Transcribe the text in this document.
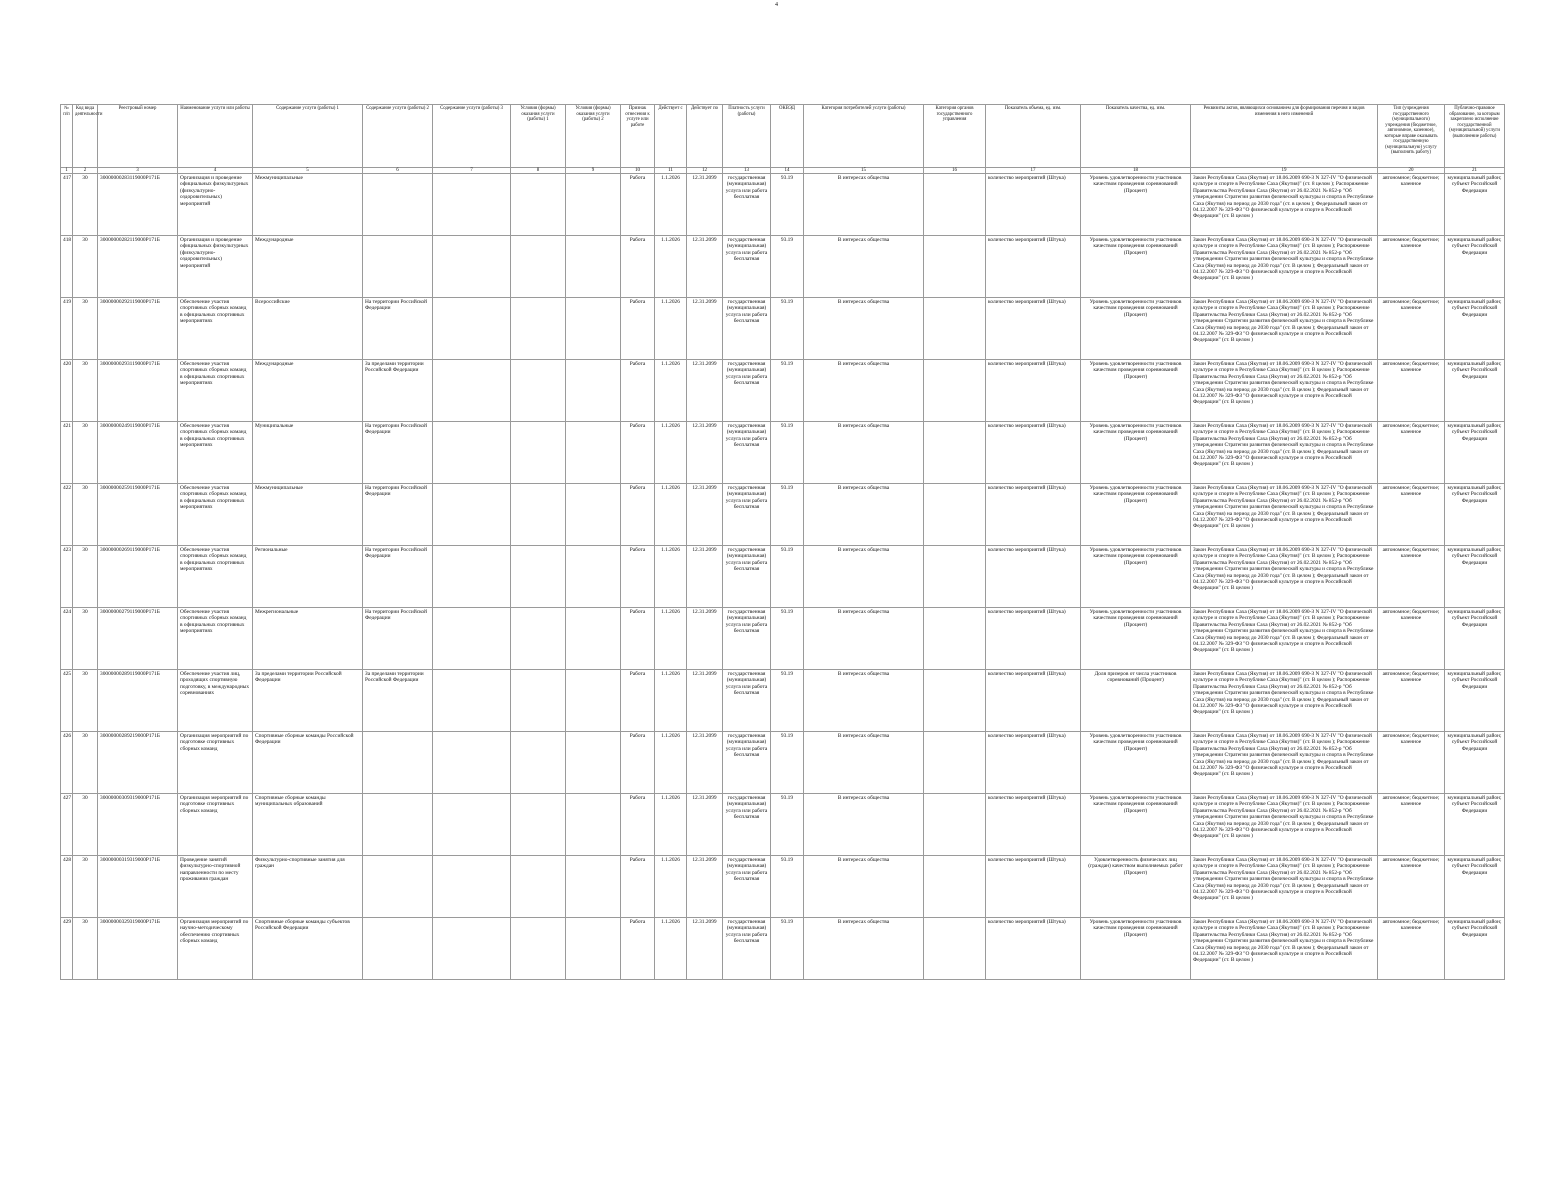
4
№ п/п	Код вида деятельности	Реестровый номер	Наименование услуги или работы	Содержание услуги (работы) 1	Содержание услуги (работы) 2	Содержание услуги (работы) 3	Условия (формы) оказания услуги (работы) 1	Условия (формы) оказания услуги (работы) 2	Признак отнесения к услуге или работе	Действует с	Действует по	Платность услуги (работы)	ОКВЭД	Категория потребителей услуги (работы)	Категория органов государственного управления	Показатель объема, ед. изм.	Показатель качества, ед. изм.	Реквизиты актов, являющихся основанием для формирования перечня и видов изменения в него изменений	Тип (учреждения государственного (муниципального) учреждения (бюджетное, автономное, казенное), которые вправе оказывать государственную (муниципальную) услугу (выполнять работу)	Публично-правовое образование, за которым закреплено исполнение государственной (муниципальной) услуги (выполнение работы)
1	2	3	4	5	6	7	8	9	10	11	12	13	14	15	16	17	18	19	20	21
417	30	30000000283119000P171Б	Организация и проведение официальных физкультурных (физкультурно-оздоровительных) мероприятий	Межмуниципальные					Работа	1.1.2026	12.31.2099	государственная (муниципальная) услуга или работа бесплатная	93.19	В интересах общества		количество мероприятий (Штука)	Уровень удовлетворенности участников качеством проведения соревнований (Процент)	Закон Республики Саха (Якутия) от 18.06.2009 690-З N 327-IV "О физической культуре и спорте в Республике Саха (Якутия)" (ст. 8 целом ); Распоряжение Правительства Республики Саха (Якутия) от 26.02.2021 № 852-р "Об утверждении Стратегии развития физической культуры и спорта в Республике Саха (Якутия) на период до 2030 года" (ст. в целом ); Федеральный закон от 04.12.2007 № 329-ФЗ "О физической культуре и спорте в Российской Федерации" (ст. В целом )	автономное; бюджетное; казенное	муниципальный район; субъект Российской Федерации
418	30	30000000282119000P171Б	Организация и проведение официальных физкультурных (физкультурно-оздоровительных) мероприятий	Международные					Работа	1.1.2026	12.31.2099	государственная (муниципальная) услуга или работа бесплатная	93.19	В интересах общества		количество мероприятий (Штука)	Уровень удовлетворенности участников качеством проведения соревнований (Процент)	Закон Республики Саха (Якутия) от 18.06.2009 690-З N 327-IV "О физической культуре и спорте в Республике Саха (Якутия)" (ст. В целом ); Распоряжение Правительства Республики Саха (Якутия) от 26.02.2021 № 852-р "Об утверждении Стратегии развития физической культуры и спорта в Республике Саха (Якутия) на период до 2030 года" (ст. В целом ); Федеральный закон от 04.12.2007 № 329-ФЗ "О физической культуре и спорте в Российской Федерации" (ст. В целом )	автономное; бюджетное; казенное	муниципальный район; субъект Российской Федерации
419	30	30000000292119000P171Б	Обеспечение участия спортивных сборных команд в официальных спортивных мероприятиях	Всероссийские	На территории Российской Федерации				Работа	1.1.2026	12.31.2099	государственная (муниципальная) услуга или работа бесплатная	93.19	В интересах общества		количество мероприятий (Штука)	Уровень удовлетворенности участников качеством проведения соревнований (Процент)	Закон Республики Саха (Якутия) от 18.06.2009 690-З N 327-IV "О физической культуре и спорте в Республике Саха (Якутия)" (ст. В целом ); Распоряжение Правительства Республики Саха (Якутия) от 26.02.2021 № 852-р "Об утверждении Стратегии развития физической культуры и спорта в Республике Саха (Якутия) на период до 2030 года" (ст. В целом ); Федеральный закон от 04.12.2007 № 329-ФЗ "О физической культуре и спорте в Российской Федерации" (ст. В целом )	автономное; бюджетное; казенное	муниципальный район; субъект Российской Федерации
420	30	30000000293119000P171Б	Обеспечение участия спортивных сборных команд в официальных спортивных мероприятиях	Международные	За пределами территории Российской Федерации				Работа	1.1.2026	12.31.2099	государственная (муниципальная) услуга или работа бесплатная	93.19	В интересах общества		количество мероприятий (Штука)	Уровень удовлетворенности участников качеством проведения соревнований (Процент)	Закон Республики Саха (Якутия) от 18.06.2009 690-З N 327-IV "О физической культуре и спорте в Республике Саха (Якутия)" (ст. В целом ); Распоряжение Правительства Республики Саха (Якутия) от 26.02.2021 № 852-р "Об утверждении Стратегии развития физической культуры и спорта в Республике Саха (Якутия) на период до 2030 года" (ст. В целом ); Федеральный закон от 04.12.2007 № 329-ФЗ "О физической культуре и спорте в Российской Федерации" (ст. В целом )	автономное; бюджетное; казенное	муниципальный район; субъект Российской Федерации
421	30	30000000249119000P171Б	Обеспечение участия спортивных сборных команд в официальных спортивных мероприятиях	Муниципальные	На территории Российской Федерации				Работа	1.1.2026	12.31.2099	государственная (муниципальная) услуга или работа бесплатная	93.19	В интересах общества		количество мероприятий (Штука)	Уровень удовлетворенности участников качеством проведения соревнований (Процент)	Закон Республики Саха (Якутия) от 18.06.2009 690-З N 327-IV "О физической культуре и спорте в Республике Саха (Якутия)" (ст. В целом ); Распоряжение Правительства Республики Саха (Якутия) от 26.02.2021 № 852-р "Об утверждении Стратегии развития физической культуры и спорта в Республике Саха (Якутия) на период до 2030 года" (ст. В целом ); Федеральный закон от 04.12.2007 № 329-ФЗ "О физической культуре и спорте в Российской Федерации" (ст. В целом )	автономное; бюджетное; казенное	муниципальный район; субъект Российской Федерации
422	30	30000000259119000P171Б	Обеспечение участия спортивных сборных команд в официальных спортивных мероприятиях	Межмуниципальные	На территории Российской Федерации				Работа	1.1.2026	12.31.2099	государственная (муниципальная) услуга или работа бесплатная	93.19	В интересах общества		количество мероприятий (Штука)	Уровень удовлетворенности участников качеством проведения соревнований (Процент)	Закон Республики Саха (Якутия) от 18.06.2009 690-З N 327-IV "О физической культуре и спорте в Республике Саха (Якутия)" (ст. В целом ); Распоряжение Правительства Республики Саха (Якутия) от 26.02.2021 № 852-р "Об утверждении Стратегии развития физической культуры и спорта в Республике Саха (Якутия) на период до 2030 года" (ст. В целом ); Федеральный закон от 04.12.2007 № 329-ФЗ "О физической культуре и спорте в Российской Федерации" (ст. В целом )	автономное; бюджетное; казенное	муниципальный район; субъект Российской Федерации
423	30	30000000269119000P171Б	Обеспечение участия спортивных сборных команд в официальных спортивных мероприятиях	Региональные	На территории Российской Федерации				Работа	1.1.2026	12.31.2099	государственная (муниципальная) услуга или работа бесплатная	93.19	В интересах общества		количество мероприятий (Штука)	Уровень удовлетворенности участников качеством проведения соревнований (Процент)	Закон Республики Саха (Якутия) от 18.06.2009 690-З N 327-IV "О физической культуре и спорте в Республике Саха (Якутия)" (ст. В целом ); Распоряжение Правительства Республики Саха (Якутия) от 26.02.2021 № 852-р "Об утверждении Стратегии развития физической культуры и спорта в Республике Саха (Якутия) на период до 2030 года" (ст. В целом ); Федеральный закон от 04.12.2007 № 329-ФЗ "О физической культуре и спорте в Российской Федерации" (ст. В целом )	автономное; бюджетное; казенное	муниципальный район; субъект Российской Федерации
424	30	30000000279119000P171Б	Обеспечение участия спортивных сборных команд в официальных спортивных мероприятиях	Межрегиональные	На территории Российской Федерации				Работа	1.1.2026	12.31.2099	государственная (муниципальная) услуга или работа бесплатная	93.19	В интересах общества		количество мероприятий (Штука)	Уровень удовлетворенности участников качеством проведения соревнований (Процент)	Закон Республики Саха (Якутия) от 18.06.2009 690-З N 327-IV "О физической культуре и спорте в Республике Саха (Якутия)" (ст. В целом ); Распоряжение Правительства Республики Саха (Якутия) от 26.02.2021 № 852-р "Об утверждении Стратегии развития физической культуры и спорта в Республике Саха (Якутия) на период до 2030 года" (ст. В целом ); Федеральный закон от 04.12.2007 № 329-ФЗ "О физической культуре и спорте в Российской Федерации" (ст. В целом )	автономное; бюджетное; казенное	муниципальный район; субъект Российской Федерации
425	30	30000000289119000P171Б	Обеспечение участия лиц, проходящих спортивную подготовку, в международных соревнованиях	За пределами территории Российской Федерации	За пределами территории Российской Федерации				Работа	1.1.2026	12.31.2099	государственная (муниципальная) услуга или работа бесплатная	93.19	В интересах общества		количество мероприятий (Штука)	Доля призеров от числа участников соревнований (Процент)	Закон Республики Саха (Якутия) от 18.06.2009 690-З N 327-IV "О физической культуре и спорте в Республике Саха (Якутия)" (ст. В целом ); Распоряжение Правительства Республики Саха (Якутия) от 26.02.2021 № 852-р "Об утверждении Стратегии развития физической культуры и спорта в Республике Саха (Якутия) на период до 2030 года" (ст. В целом ); Федеральный закон от 04.12.2007 № 329-ФЗ "О физической культуре и спорте в Российской Федерации" (ст. В целом )	автономное; бюджетное; казенное	муниципальный район; субъект Российской Федерации
426	30	30000000289219000P171Б	Организация мероприятий по подготовке спортивных сборных команд	Спортивные сборные команды Российской Федерации					Работа	1.1.2026	12.31.2099	государственная (муниципальная) услуга или работа бесплатная	93.19	В интересах общества		количество мероприятий (Штука)	Уровень удовлетворенности участников качеством проведения соревнований (Процент)	Закон Республики Саха (Якутия) от 18.06.2009 690-З N 327-IV "О физической культуре и спорте в Республике Саха (Якутия)" (ст. В целом ); Распоряжение Правительства Республики Саха (Якутия) от 26.02.2021 № 852-р "Об утверждении Стратегии развития физической культуры и спорта в Республике Саха (Якутия) на период до 2030 года" (ст. В целом ); Федеральный закон от 04.12.2007 № 329-ФЗ "О физической культуре и спорте в Российской Федерации" (ст. В целом )	автономное; бюджетное; казенное	муниципальный район; субъект Российской Федерации
427	30	30000000309319000P171Б	Организация мероприятий по подготовке спортивных сборных команд	Спортивные сборные команды муниципальных образований					Работа	1.1.2026	12.31.2099	государственная (муниципальная) услуга или работа бесплатная	93.19	В интересах общества		количество мероприятий (Штука)	Уровень удовлетворенности участников качеством проведения соревнований (Процент)	Закон Республики Саха (Якутия) от 18.06.2009 690-З N 327-IV "О физической культуре и спорте в Республике Саха (Якутия)" (ст. В целом ); Распоряжение Правительства Республики Саха (Якутия) от 26.02.2021 № 852-р "Об утверждении Стратегии развития физической культуры и спорта в Республике Саха (Якутия) на период до 2030 года" (ст. В целом ); Федеральный закон от 04.12.2007 № 329-ФЗ "О физической культуре и спорте в Российской Федерации" (ст. В целом )	автономное; бюджетное; казенное	муниципальный район; субъект Российской Федерации
428	30	30000000319319000P171Б	Проведение занятий физкультурно-спортивной направленности по месту проживания граждан	Физкультурно-спортивные занятия для граждан					Работа	1.1.2026	12.31.2099	государственная (муниципальная) услуга или работа бесплатная	93.19	В интересах общества		количество мероприятий (Штука)	Удовлетворенность физических лиц (граждан) качеством выполняемых работ (Процент)	Закон Республики Саха (Якутия) от 18.06.2009 690-З N 327-IV "О физической культуре и спорте в Республике Саха (Якутия)" (ст. В целом ); Распоряжение Правительства Республики Саха (Якутия) от 26.02.2021 № 852-р "Об утверждении Стратегии развития физической культуры и спорта в Республике Саха (Якутия) на период до 2030 года" (ст. В целом ); Федеральный закон от 04.12.2007 № 329-ФЗ "О физической культуре и спорте в Российской Федерации" (ст. В целом )	автономное; бюджетное; казенное	муниципальный район; субъект Российской Федерации
429	30	30000000329319000P171Б	Организация мероприятий по научно-методическому обеспечению спортивных сборных команд	Спортивные сборные команды субъектов Российской Федерации					Работа	1.1.2026	12.31.2099	государственная (муниципальная) услуга или работа бесплатная	93.19	В интересах общества		количество мероприятий (Штука)	Уровень удовлетворенности участников качеством проведения соревнований (Процент)	Закон Республики Саха (Якутия) от 18.06.2009 690-З N 327-IV "О физической культуре и спорте в Республике Саха (Якутия)" (ст. В целом ); Распоряжение Правительства Республики Саха (Якутия) от 26.02.2021 № 852-р "Об утверждении Стратегии развития физической культуры и спорта в Республике Саха (Якутия) на период до 2030 года" (ст. В целом ); Федеральный закон от 04.12.2007 № 329-ФЗ "О физической культуре и спорте в Российской Федерации" (ст. В целом )	автономное; бюджетное; казенное	муниципальный район; субъект Российской Федерации
